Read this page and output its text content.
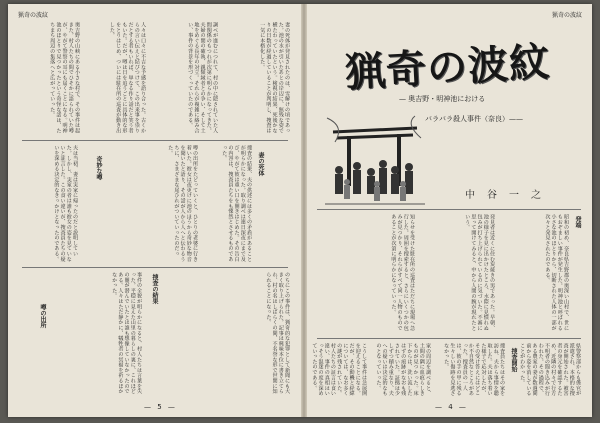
猟奇の波紋
奥吉野の山峡にある小さな村で、その事件は起きた。村人たちの間でひそかに語られていた噂が、やがて警察の耳にも届くことになる。明神池のほとりで見つかったという奇怪な話は、たちまち周辺の集落へと広がっていった。	人々は口々に不吉な予感を語り合った。古くからの言い伝えと結びつけて、この出来事を祟りだとする者もいれば、単なる作り話だと笑う者もいた。だが、噂は日を追うごとに具体的な形をとりはじめ、ついには駐在所の巡査が動き出した。	調べが進むにつれて、村の中に隠されていた人間関係のもつれが次第に明らかになってきた。夫婦の間の確執、親類縁者との争い、そして土地をめぐる長年の対立。それらが複雑に絡み合い、事件の背景を形づくっていたのである。	妻の死体が発見されたのは、雪解けの頃であった。池の水が引いたあとの岸辺に、無残な姿で横たわっていたという。検視の結果、死後かなりの日数が経過していることが判明し、捜査は一気に本格化した。
夫は当初、妻は実家に帰ったのだと説明していた。しかし、実家の者は誰も彼女の姿を見ていないと証言した。この食い違いが、捜査員たちの疑いを深める決定的なきっかけとなったのである。	奇妙な噂	噂の出所をたどっていくと、ひとりの老婆に行き着いた。彼女は夜更けに池のほうから奇妙な物音を聞いたと語り、その話が人から人へと伝わるうちに、さまざまな尾ひれがついていったのだった。
妻の死体
捜査の結果、夫の供述には多くの矛盾があることが明らかになった。取り調べは連日深夜にまで及び、やがて彼は重い口を開きはじめた。その告白の内容は、捜査員たちをも慄然とさせるものであった。
噂の出所	事件の全貌が明らかになると、村人たちは言葉を失った。平穏に見えた山里の暮らしの裏に、これほどの闇が潜んでいたとは誰も想像していなかったのである。人々はただ静かに、犠牲者の冥福を祈るほかなかった。	捜査の結果	のちにこの事件は、猟奇的な犯罪として新聞にも大きく取り上げられた。記事は興味本位に書き立てられ、村の名はしばらくの間、不名誉な形で世間に知られることになった。
— 5 —
猟奇の波紋
猟奇の波紋
— 奥吉野・明神池における
バラバラ殺人事件（奈良）——
中谷一之
発端
昭和の初め、奈良県吉野郡の奥深い山村で、世にもおぞましい事件が発生した。明神池と呼ばれる小さな池のほとりから、切断された人体の一部が次々と発見されたのである。
発見者は近くに住む炭焼きの男であった。早朝、池の様子を見に出かけたところ、水際に見慣れぬ包みが打ち上げられているのに気づいた。不審に思って開けてみると、中から人間の腕が現れたという。
知らせを受けた駐在所の巡査はただちに現場へ急行した。周囲を捜索すると、さらにいくつかの包みが見つかり、それらがすべて同一人物のものであることが次第に明らかになっていった。
県警察部からも係官が派遣され、本格的な捜査が開始された。被害者の身元を確認するため、近隣の村々で行方不明者の聞き込みが行われた。その過程で、ある農家の妻が数週間前から姿を消していることがわかった。
捜査開始
捜査員たちはその家を訪ね、夫から事情を聴取した。夫は落ち着いた様子で応対したが、その受け答えにはどこか不自然なところがあった。捜査員の一人は、彼の手の甲に残る生々しい傷跡を見逃さなかった。
家の周辺を調べると、土間の隅に血痕らしきものが見つかった。床下からは、洗い流したはずの痕跡がなおも残されていた。証拠は少しずつ積み重なり、夫への疑いは決定的なものとなっていった。
こうして事件は急展開を迎えることになる。だが、その動機と経緯については、なお多くの謎が残されていた。村人たちの証言は食い違い、事件の真相はいっそう混迷の度を深めていったのである。
— 4 —
